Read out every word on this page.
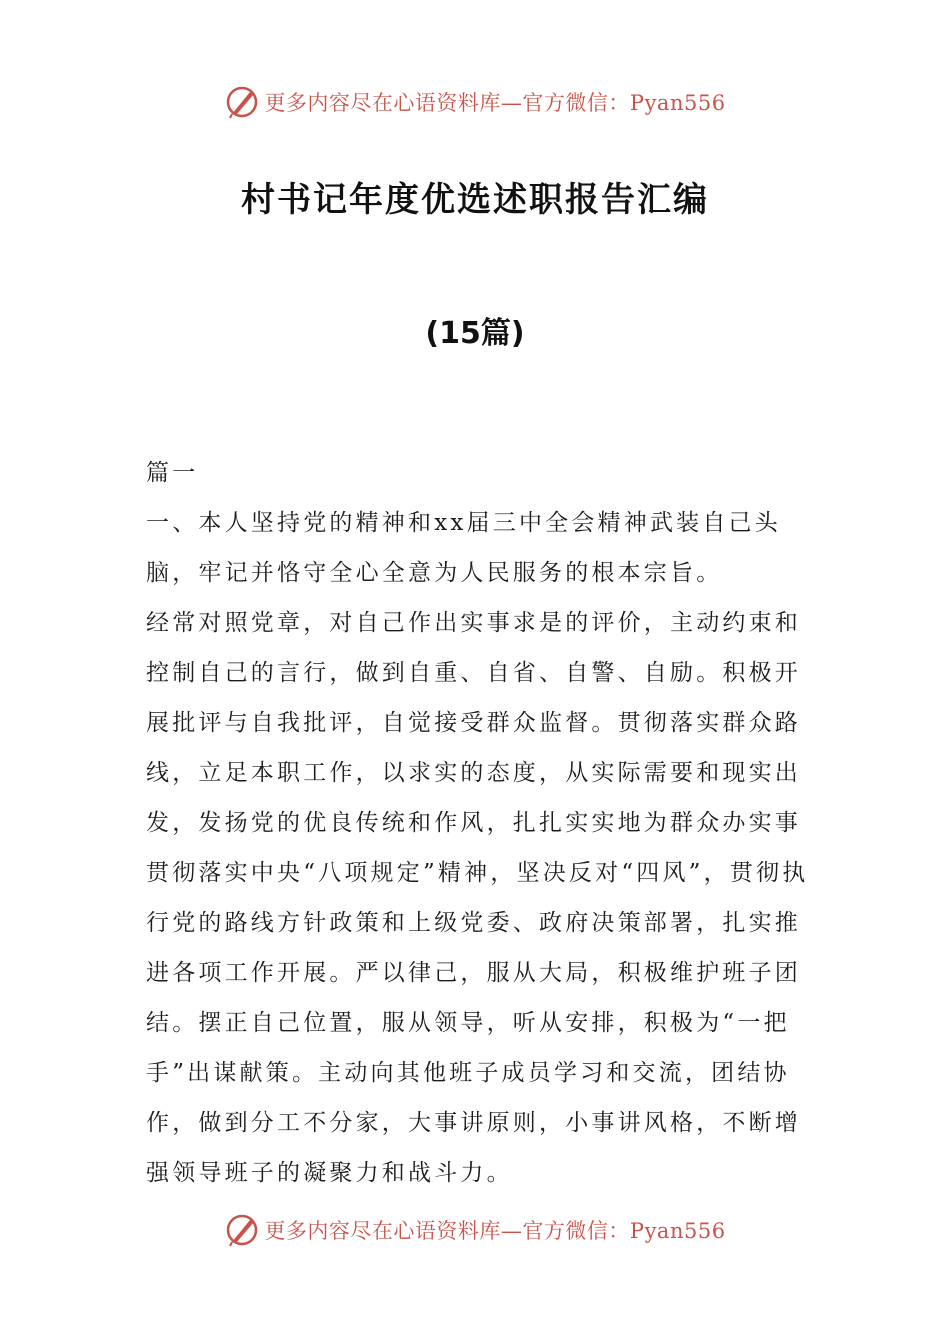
更多内容尽在心语资料库—官方微信：Pyan556
村书记年度优选述职报告汇编
(15篇)

篇一

一、本人坚持党的精神和xx届三中全会精神武装自己头脑，牢记并恪守全心全意为人民服务的根本宗旨。

经常对照党章，对自己作出实事求是的评价，主动约束和控制自己的言行，做到自重、自省、自警、自励。积极开展批评与自我批评，自觉接受群众监督。贯彻落实群众路线，立足本职工作，以求实的态度，从实际需要和现实出发，发扬党的优良传统和作风，扎扎实实地为群众办实事贯彻落实中央“八项规定”精神，坚决反对“四风”，贯彻执行党的路线方针政策和上级党委、政府决策部署，扎实推进各项工作开展。严以律己，服从大局，积极维护班子团结。摆正自己位置，服从领导，听从安排，积极为“一把手”出谋献策。主动向其他班子成员学习和交流，团结协作，做到分工不分家，大事讲原则，小事讲风格，不断增强领导班子的凝聚力和战斗力。

更多内容尽在心语资料库—官方微信：Pyan556
